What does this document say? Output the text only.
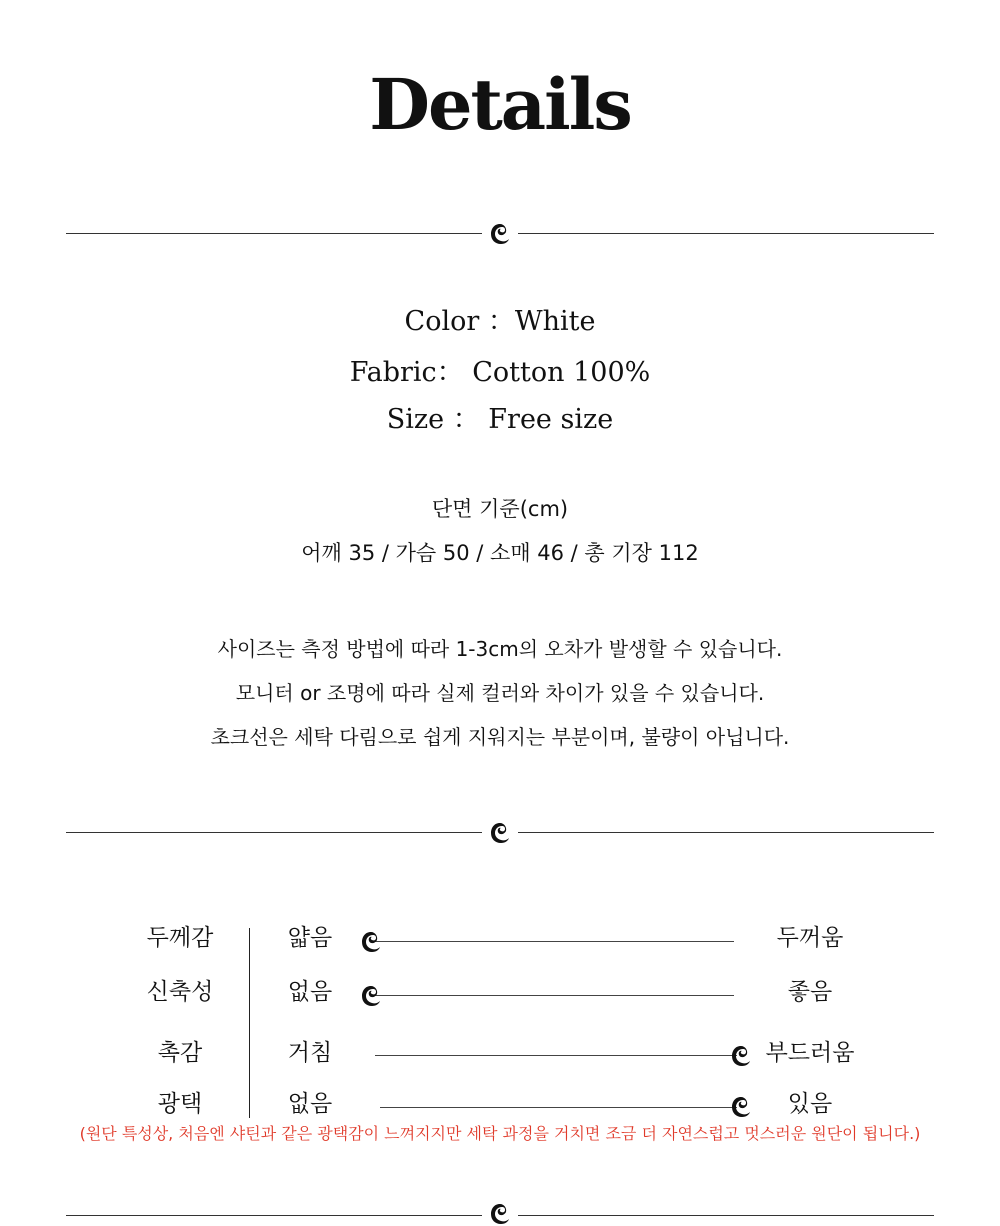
Details
Color ：White
Fabric： Cotton 100%
Size ： Free size
단면 기준(cm)
어깨 35 / 가슴 50 / 소매 46 / 총 기장 112
사이즈는 측정 방법에 따라 1-3cm의 오차가 발생할 수 있습니다.
모니터 or 조명에 따라 실제 컬러와 차이가 있을 수 있습니다.
초크선은 세탁 다림으로 쉽게 지워지는 부분이며, 불량이 아닙니다.
두께감	얇음	두꺼움
신축성	없음	좋음
촉감	거침	부드러움
광택	없음	있음
(원단 특성상, 처음엔 샤틴과 같은 광택감이 느껴지지만 세탁 과정을 거치면 조금 더 자연스럽고 멋스러운 원단이 됩니다.)
